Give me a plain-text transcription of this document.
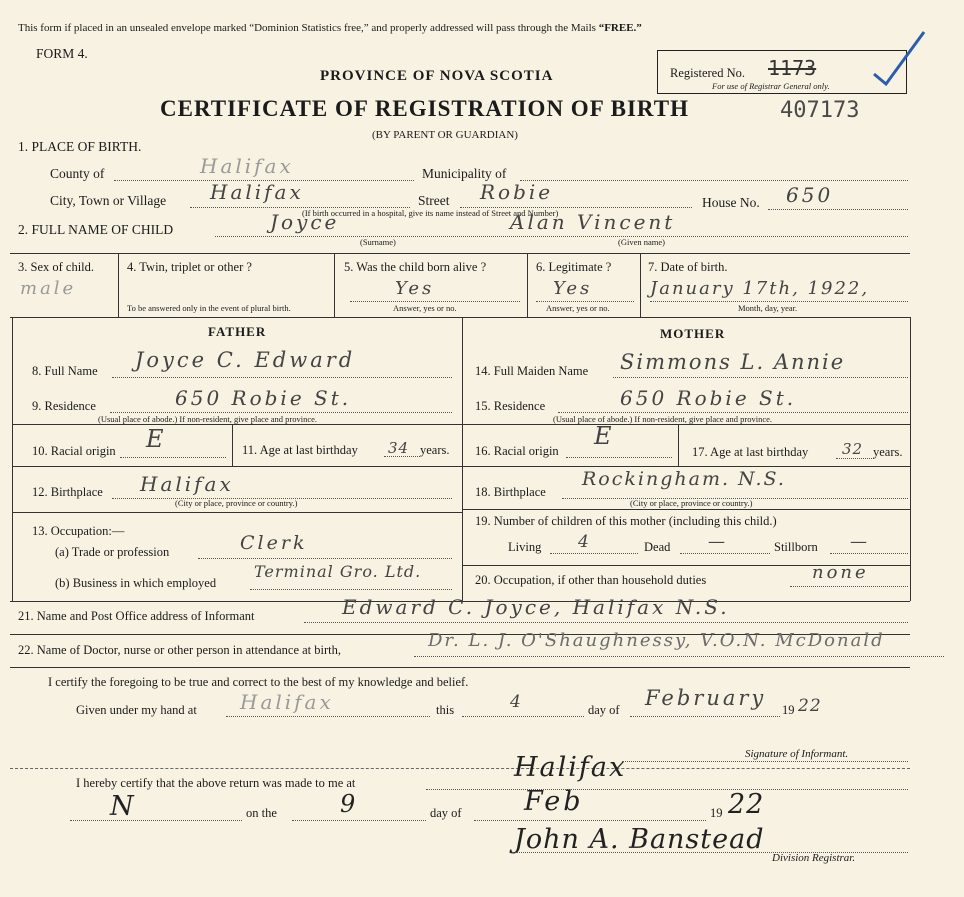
This form if placed in an unsealed envelope marked “Dominion Statistics free,” and properly addressed will pass through the Mails “FREE.”
FORM 4.
PROVINCE OF NOVA SCOTIA
CERTIFICATE OF REGISTRATION OF BIRTH	407173
(BY PARENT OR GUARDIAN)
Registered No. 1173
For use of Registrar General only.
1. PLACE OF BIRTH.
County of	Halifax	Municipality of
City, Town or Village Halifax	Street Robie	House No. 650
(If birth occurred in a hospital, give its name instead of Street and Number)
2. FULL NAME OF CHILD	Joyce	Alan Vincent
(Surname)	(Given name)
3. Sex of child.
male
4. Twin, triplet or other ?
To be answered only in the event of plural birth.
5. Was the child born alive ?
Yes
Answer, yes or no.
6. Legitimate ?
Yes
Answer, yes or no.
7. Date of birth.
January 17th, 1922,
Month, day, year.
FATHER	MOTHER
8. Full Name Joyce C. Edward
9. Residence	650 Robie St.
(Usual place of abode.) If non-resident, give place and province.
10. Racial origin E	11. Age at last birthday 34 years.
12. Birthplace Halifax
(City or place, province or country.)
13. Occupation:—
(a) Trade or profession	Clerk
(b) Business in which employed
Terminal Gro. Ltd.
14. Full Maiden Name Simmons L. Annie
15. Residence	650 Robie St.
(Usual place of abode.) If non-resident, give place and province.
16. Racial origin
E
17. Age at last birthday 32 years.
18. Birthplace
Rockingham. N.S.
(City or place, province or country.)
19. Number of children of this mother (including this child.)
Living 4	Dead —	Stillborn —
20. Occupation, if other than household duties	none
21. Name and Post Office address of Informant	Edward C. Joyce, Halifax N.S.
22. Name of Doctor, nurse or other person in attendance at birth,	Dr. L. J. O'Shaughnessy, V.O.N. McDonald
I certify the foregoing to be true and correct to the best of my knowledge and belief.
Given under my hand at Halifax	this	4	day of February 19 22
Signature of Informant.
I hereby certify that the above return was made to me at	Halifax
N	on the	9	day of Feb	19 22
John A. Banstead
Division Registrar.
